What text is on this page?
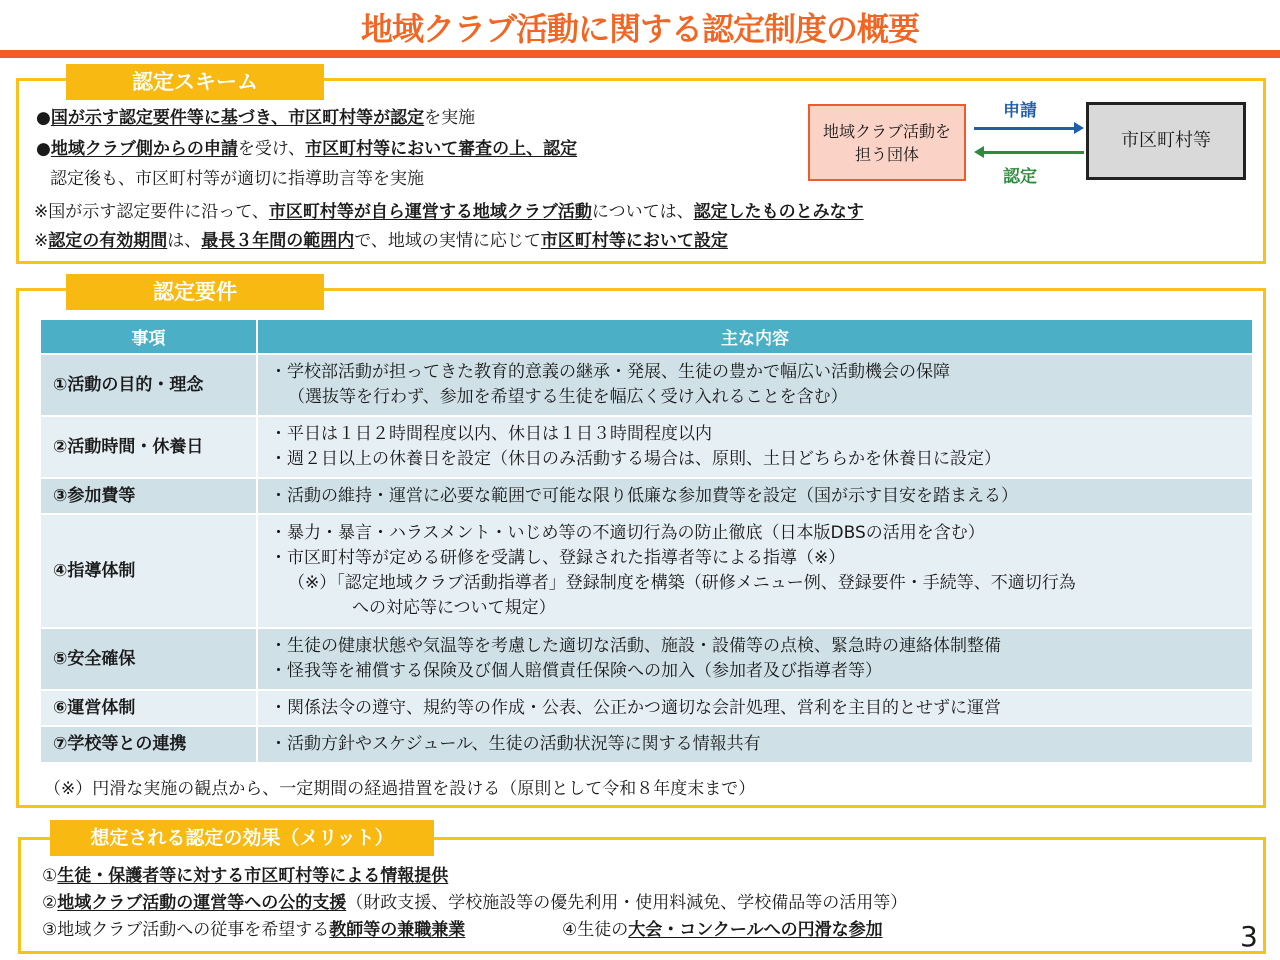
地域クラブ活動に関する認定制度の概要
認定スキーム
●国が示す認定要件等に基づき、市区町村等が認定を実施
●地域クラブ側からの申請を受け、市区町村等において審査の上、認定
認定後も、市区町村等が適切に指導助言等を実施
※国が示す認定要件に沿って、市区町村等が自ら運営する地域クラブ活動については、認定したものとみなす
※認定の有効期間は、最長３年間の範囲内で、地域の実情に応じて市区町村等において設定
地域クラブ活動を
担う団体
申請
認定
市区町村等
認定要件
事項	主な内容
①活動の目的・理念	・学校部活動が担ってきた教育的意義の継承・発展、生徒の豊かで幅広い活動機会の保障
（選抜等を行わず、参加を希望する生徒を幅広く受け入れることを含む）

②活動時間・休養日	・平日は１日２時間程度以内、休日は１日３時間程度以内
・週２日以上の休養日を設定（休日のみ活動する場合は、原則、土日どちらかを休養日に設定）

③参加費等	・活動の維持・運営に必要な範囲で可能な限り低廉な参加費等を設定（国が示す目安を踏まえる）

④指導体制	・暴力・暴言・ハラスメント・いじめ等の不適切行為の防止徹底（日本版DBSの活用を含む）
・市区町村等が定める研修を受講し、登録された指導者等による指導（※）
（※）「認定地域クラブ活動指導者」登録制度を構築（研修メニュー例、登録要件・手続等、不適切行為
への対応等について規定）

⑤安全確保	・生徒の健康状態や気温等を考慮した適切な活動、施設・設備等の点検、緊急時の連絡体制整備
・怪我等を補償する保険及び個人賠償責任保険への加入（参加者及び指導者等）

⑥運営体制	・関係法令の遵守、規約等の作成・公表、公正かつ適切な会計処理、営利を主目的とせずに運営

⑦学校等との連携	・活動方針やスケジュール、生徒の活動状況等に関する情報共有
（※）円滑な実施の観点から、一定期間の経過措置を設ける（原則として令和８年度末まで）
想定される認定の効果（メリット）
①生徒・保護者等に対する市区町村等による情報提供
②地域クラブ活動の運営等への公的支援（財政支援、学校施設等の優先利用・使用料減免、学校備品等の活用等）
③地域クラブ活動への従事を希望する教師等の兼職兼業	④生徒の大会・コンクールへの円滑な参加	3
